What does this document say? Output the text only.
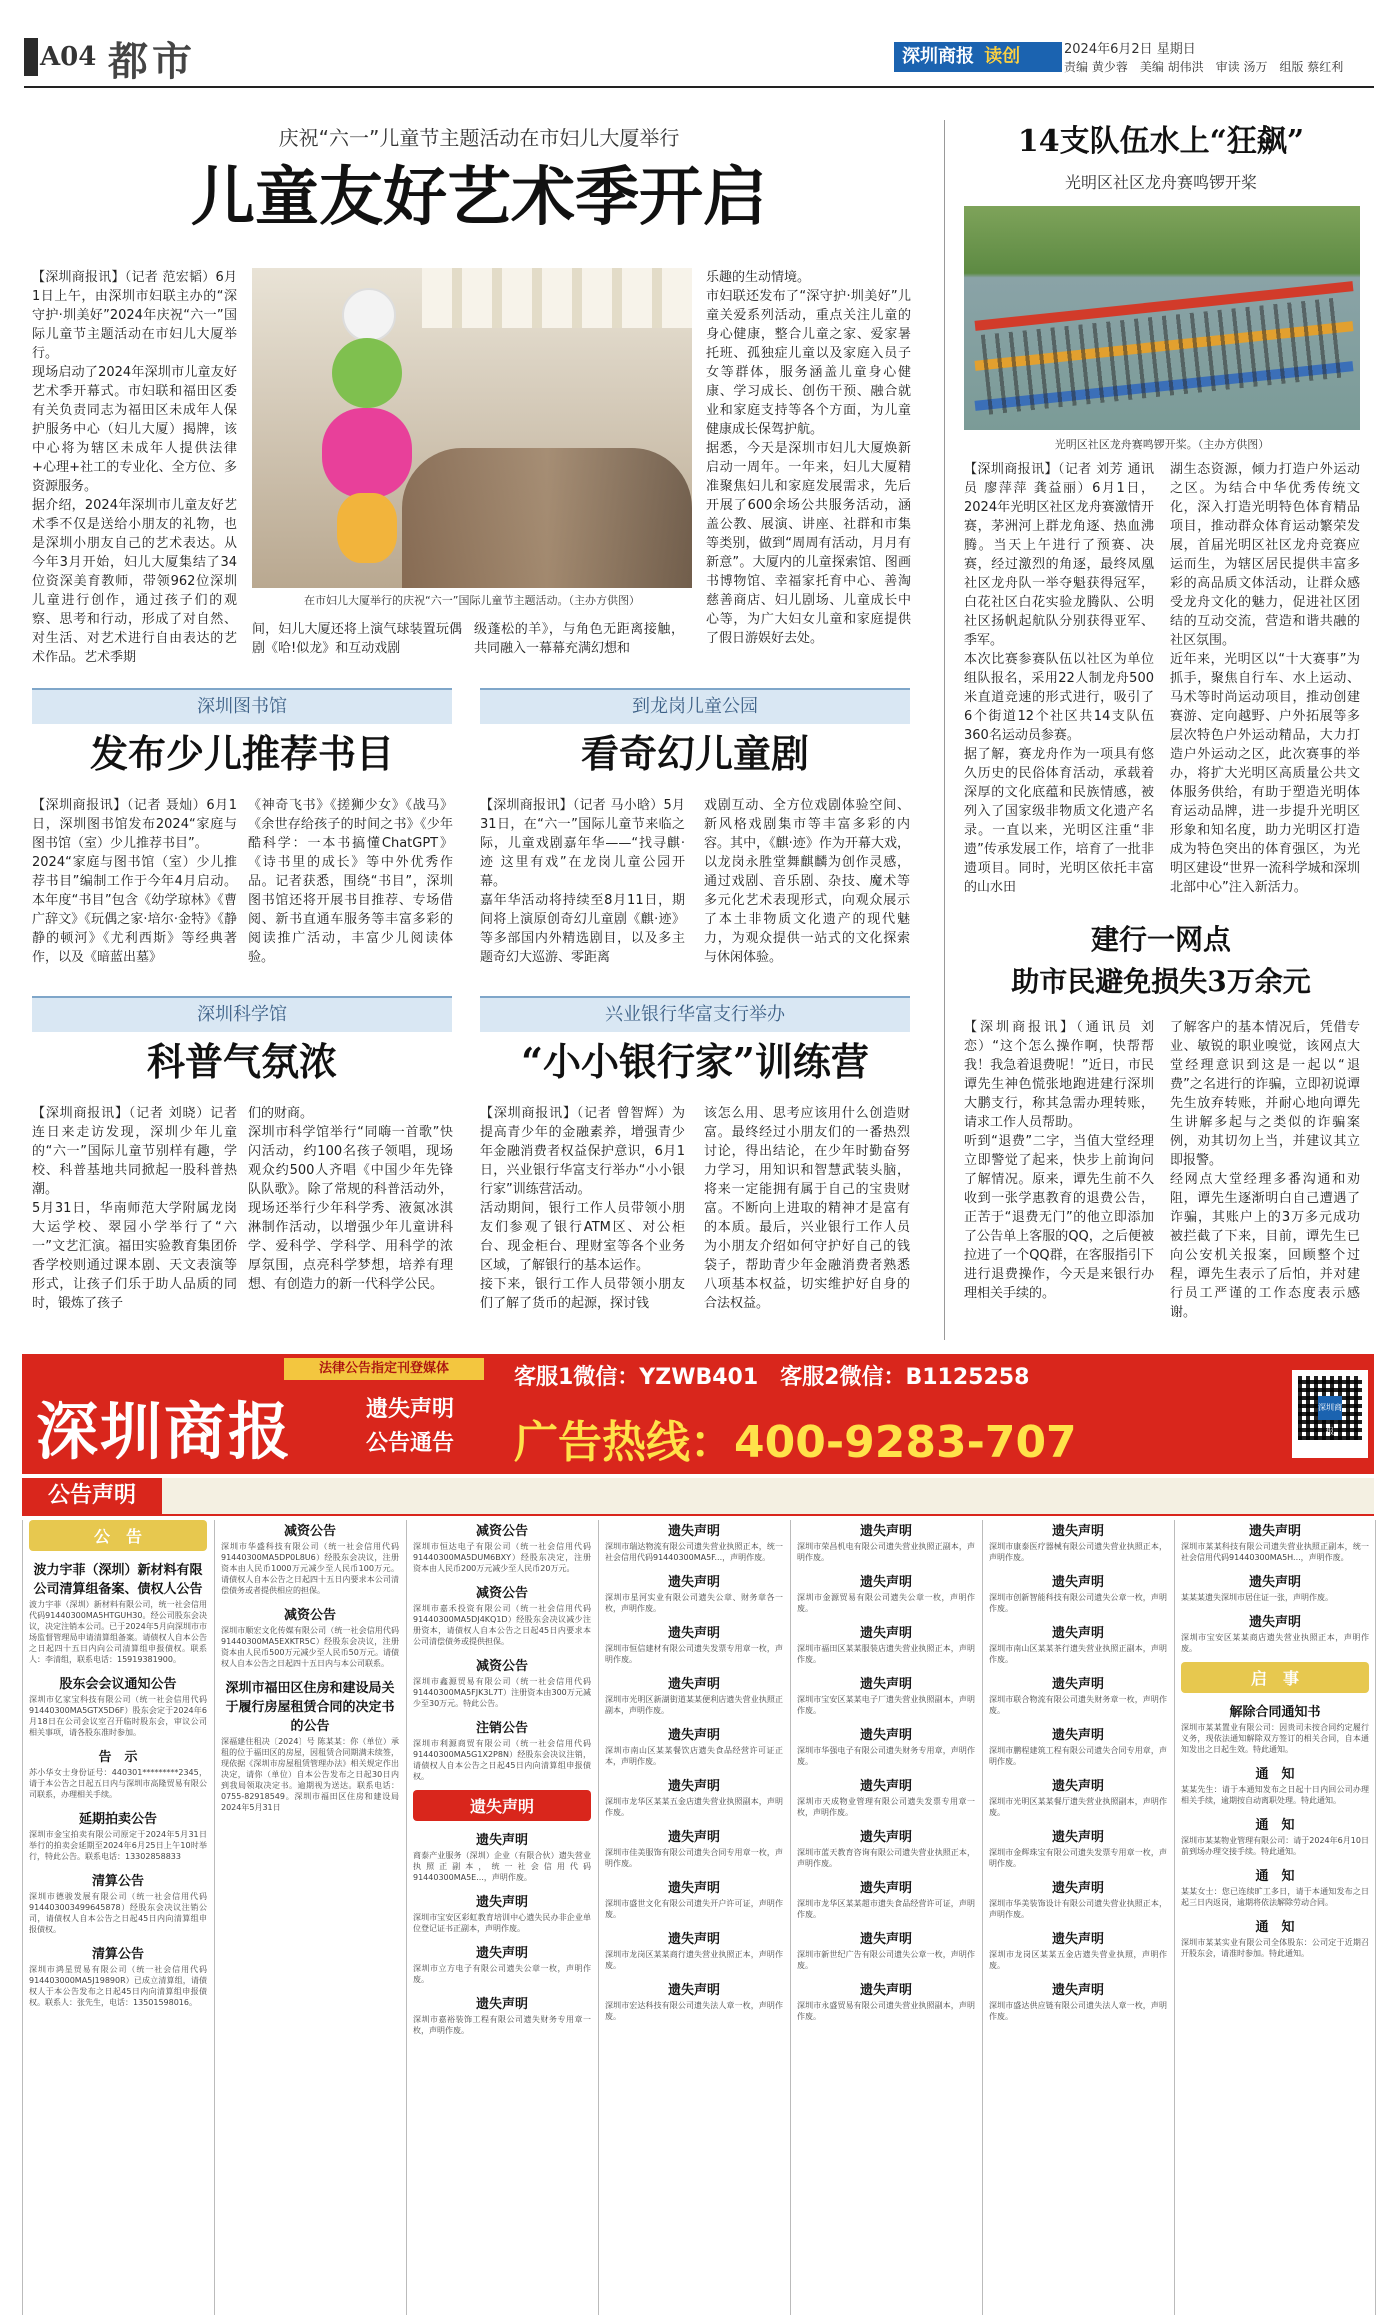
A04 都市	深圳商报 读创	2024年6月2日 星期日
责编 黄少蓉　美编 胡伟洪　审读 汤万　组版 蔡红利
庆祝“六一”儿童节主题活动在市妇儿大厦举行
儿童友好艺术季开启

【深圳商报讯】（记者 范宏韬）6月1日上午，由深圳市妇联主办的“深守护·圳美好”2024年庆祝“六一”国际儿童节主题活动在市妇儿大厦举行。
现场启动了2024年深圳市儿童友好艺术季开幕式。市妇联和福田区委有关负责同志为福田区未成年人保护服务中心（妇儿大厦）揭牌，该中心将为辖区未成年人提供法律+心理+社工的专业化、全方位、多资源服务。
据介绍，2024年深圳市儿童友好艺术季不仅是送给小朋友的礼物，也是深圳小朋友自己的艺术表达。从今年3月开始，妇儿大厦集结了34位资深美育教师，带领962位深圳儿童进行创作，通过孩子们的观察、思考和行动，形成了对自然、对生活、对艺术进行自由表达的艺术作品。艺术季期

在市妇儿大厦举行的庆祝“六一”国际儿童节主题活动。（主办方供图）

间，妇儿大厦还将上演气球装置玩偶剧《哈!似龙》和互动戏剧

级蓬松的羊》，与角色无距离接触，共同融入一幕幕充满幻想和

乐趣的生动情境。
市妇联还发布了“深守护·圳美好”儿童关爱系列活动，重点关注儿童的身心健康，整合儿童之家、爱家暑托班、孤独症儿童以及家庭入员子女等群体，服务涵盖儿童身心健康、学习成长、创伤干预、融合就业和家庭支持等各个方面，为儿童健康成长保驾护航。
据悉，今天是深圳市妇儿大厦焕新启动一周年。一年来，妇儿大厦精准聚焦妇儿和家庭发展需求，先后开展了600余场公共服务活动，涵盖公教、展演、讲座、社群和市集等类别，做到“周周有活动，月月有新意”。大厦内的儿童探索馆、图画书博物馆、幸福家托育中心、善淘慈善商店、妇儿剧场、儿童成长中心等，为广大妇女儿童和家庭提供了假日游娱好去处。

深圳图书馆
发布少儿推荐书目

【深圳商报讯】（记者 聂灿）6月1日，深圳图书馆发布2024“家庭与图书馆（室）少儿推荐书目”。
2024“家庭与图书馆（室）少儿推荐书目”编制工作于今年4月启动。本年度“书目”包含《幼学琼林》《曹广辞文》《玩偶之家·培尔·金特》《静静的顿河》《尤利西斯》等经典著作，以及《暗蓝出墓》

《神奇飞书》《搓狮少女》《战马》《余世存给孩子的时间之书》《少年酷科学：一本书搞懂ChatGPT》《诗书里的成长》等中外优秀作品。记者获悉，围绕“书目”，深圳图书馆还将开展书目推荐、专场借阅、新书直通车服务等丰富多彩的阅读推广活动，丰富少儿阅读体验。

到龙岗儿童公园
看奇幻儿童剧

【深圳商报讯】（记者 马小晗）5月31日，在“六一”国际儿童节来临之际，儿童戏剧嘉年华——“找寻麒·迹 这里有戏”在龙岗儿童公园开幕。
嘉年华活动将持续至8月11日，期间将上演原创奇幻儿童剧《麒·迹》等多部国内外精选剧目，以及多主题奇幻大巡游、零距离

戏剧互动、全方位戏剧体验空间、新风格戏剧集市等丰富多彩的内容。其中，《麒·迹》作为开幕大戏，以龙岗永胜堂舞麒麟为创作灵感，通过戏剧、音乐剧、杂技、魔术等多元化艺术表现形式，向观众展示了本土非物质文化遗产的现代魅力，为观众提供一站式的文化探索与休闲体验。

深圳科学馆
科普气氛浓

【深圳商报讯】（记者 刘晓）记者连日来走访发现，深圳少年儿童的“六一”国际儿童节别样有趣，学校、科普基地共同掀起一股科普热潮。
5月31日，华南师范大学附属龙岗大运学校、翠园小学举行了“六一”文艺汇演。福田实验教育集团侨香学校则通过课本剧、天文表演等形式，让孩子们乐于助人品质的同时，锻炼了孩子

们的财商。
深圳市科学馆举行“同嗨一首歌”快闪活动，约100名孩子领唱，现场观众约500人齐唱《中国少年先锋队队歌》。除了常规的科普活动外，现场还举行少年科学秀、液氮冰淇淋制作活动，以增强少年儿童讲科学、爱科学、学科学、用科学的浓厚氛围，点亮科学梦想，培养有理想、有创造力的新一代科学公民。

兴业银行华富支行举办
“小小银行家”训练营

【深圳商报讯】（记者 曾智辉）为提高青少年的金融素养，增强青少年金融消费者权益保护意识，6月1日，兴业银行华富支行举办“小小银行家”训练营活动。
活动期间，银行工作人员带领小朋友们参观了银行ATM区、对公柜台、现金柜台、理财室等各个业务区域，了解银行的基本运作。
接下来，银行工作人员带领小朋友们了解了货币的起源，探讨钱

该怎么用、思考应该用什么创造财富。最终经过小朋友们的一番热烈讨论，得出结论，在少年时勤奋努力学习，用知识和智慧武装头脑，将来一定能拥有属于自己的宝贵财富。不断向上进取的精神才是富有的本质。最后，兴业银行工作人员为小朋友介绍如何守护好自己的钱袋子，帮助青少年金融消费者熟悉八项基本权益，切实维护好自身的合法权益。

14支队伍水上“狂飙”
光明区社区龙舟赛鸣锣开桨
光明区社区龙舟赛鸣锣开桨。（主办方供图）

【深圳商报讯】（记者 刘芳 通讯员 廖萍萍 龚益丽）6月1日，2024年光明区社区龙舟赛激情开赛，茅洲河上群龙角逐、热血沸腾。当天上午进行了预赛、决赛，经过激烈的角逐，最终凤凰社区龙舟队一举夺魁获得冠军，白花社区白花实验龙腾队、公明社区扬帆起航队分别获得亚军、季军。
本次比赛参赛队伍以社区为单位组队报名，采用22人制龙舟500米直道竞速的形式进行，吸引了6个街道12个社区共14支队伍360名运动员参赛。
据了解，赛龙舟作为一项具有悠久历史的民俗体育活动，承载着深厚的文化底蕴和民族情感，被列入了国家级非物质文化遗产名录。一直以来，光明区注重“非遗”传承发展工作，培育了一批非遗项目。同时，光明区依托丰富的山水田

湖生态资源，倾力打造户外运动之区。为结合中华优秀传统文化，深入打造光明特色体育精品项目，推动群众体育运动繁荣发展，首届光明区社区龙舟竞赛应运而生，为辖区居民提供丰富多彩的高品质文体活动，让群众感受龙舟文化的魅力，促进社区团结的互动交流，营造和谐共融的社区氛围。
近年来，光明区以“十大赛事”为抓手，聚焦自行车、水上运动、马术等时尚运动项目，推动创建赛游、定向越野、户外拓展等多层次特色户外运动精品，大力打造户外运动之区，此次赛事的举办，将扩大光明区高质量公共文体服务供给，有助于塑造光明体育运动品牌，进一步提升光明区形象和知名度，助力光明区打造成为特色突出的体育强区，为光明区建设“世界一流科学城和深圳北部中心”注入新活力。

建行一网点
助市民避免损失3万余元

【深圳商报讯】（通讯员 刘恋）“这个怎么操作啊，快帮帮我！我急着退费呢！”近日，市民谭先生神色慌张地跑进建行深圳大鹏支行，称其急需办理转账，请求工作人员帮助。
听到“退费”二字，当值大堂经理立即警觉了起来，快步上前询问了解情况。原来，谭先生前不久收到一张学惠教育的退费公告，正苦于“退费无门”的他立即添加了公告单上客服的QQ，之后便被拉进了一个QQ群，在客服指引下进行退费操作，今天是来银行办理相关手续的。

了解客户的基本情况后，凭借专业、敏锐的职业嗅觉，该网点大堂经理意识到这是一起以“退费”之名进行的诈骗，立即初说谭先生放弃转账，并耐心地向谭先生讲解多起与之类似的诈骗案例，劝其切勿上当，并建议其立即报警。
经网点大堂经理多番沟通和劝阻，谭先生逐渐明白自己遭遇了诈骗，其账户上的3万多元成功被拦截了下来，目前，谭先生已向公安机关报案，回顾整个过程，谭先生表示了后怕，并对建行员工严谨的工作态度表示感谢。

法律公告指定刊登媒体
深圳商报	遗失声明
公告通告
客服1微信：YZWB401　客服2微信：B1125258
广告热线：400-9283-707
深圳商报
公告声明
公　告
波力宇菲（深圳）新材料有限公司清算组备案、债权人公告
波力宇菲（深圳）新材料有限公司，统一社会信用代码91440300MA5HTGUH30。经公司股东会决议，决定注销本公司。已于2024年5月向深圳市市场监督管理局申请清算组备案。请债权人自本公告之日起四十五日内向公司清算组申报债权。联系人：李清组，联系电话：15919381900。
股东会会议通知公告
深圳市亿家宝科技有限公司（统一社会信用代码91440300MA5GTX5D6F）股东会定于2024年6月18日在公司会议室召开临时股东会，审议公司相关事项，请各股东准时参加。
告　示
苏小华女士身份证号：440301*********2345，请于本公告之日起五日内与深圳市高隆贸易有限公司联系，办理相关手续。
延期拍卖公告
深圳市金宝拍卖有限公司原定于2024年5月31日举行的拍卖会延期至2024年6月25日上午10时举行，特此公告。联系电话：13302858833
清算公告
深圳市德骏发展有限公司（统一社会信用代码914403003499645878）经股东会决议注销公司，请债权人自本公告之日起45日内向清算组申报债权。
清算公告
深圳市鸿星贸易有限公司（统一社会信用代码914403000MA5J19890R）已成立清算组，请债权人于本公告发布之日起45日内向清算组申报债权。联系人：张先生，电话：13501598016。
减资公告
深圳市华盛科技有限公司（统一社会信用代码91440300MA5DP0L8U6）经股东会决议，注册资本由人民币1000万元减少至人民币100万元。请债权人自本公告之日起四十五日内要求本公司清偿债务或者提供相应的担保。
减资公告
深圳市顺宏文化传媒有限公司（统一社会信用代码91440300MA5EXKTR5C）经股东会决议，注册资本由人民币500万元减少至人民币50万元。请债权人自本公告之日起四十五日内与本公司联系。
深圳市福田区住房和建设局关于履行房屋租赁合同的决定书的公告
深福建住租决〔2024〕号 陈某某：你（单位）承租的位于福田区的房屋，因租赁合同期满未续签，现依据《深圳市房屋租赁管理办法》相关规定作出决定，请你（单位）自本公告发布之日起30日内到我局领取决定书。逾期视为送达。联系电话：0755-82918549。深圳市福田区住房和建设局 2024年5月31日
减资公告
深圳市恒达电子有限公司（统一社会信用代码91440300MA5DUM6BXY）经股东决定，注册资本由人民币200万元减少至人民币20万元。
减资公告
深圳市嘉禾投资有限公司（统一社会信用代码91440300MA5DJ4KQ1D）经股东会决议减少注册资本，请债权人自本公告之日起45日内要求本公司清偿债务或提供担保。
减资公告
深圳市鑫源贸易有限公司（统一社会信用代码91440300MA5FJK3L7T）注册资本由300万元减少至30万元。特此公告。
注销公告
深圳市利源商贸有限公司（统一社会信用代码91440300MA5G1X2P8N）经股东会决议注销，请债权人自本公告之日起45日内向清算组申报债权。
遗失声明
遗失声明
商泰产业服务（深圳）企业（有限合伙）遗失营业执照正副本，统一社会信用代码91440300MA5E...，声明作废。
遗失声明
深圳市宝安区彩虹教育培训中心遗失民办非企业单位登记证书正副本，声明作废。
遗失声明
深圳市立方电子有限公司遗失公章一枚，声明作废。
遗失声明
深圳市嘉裕装饰工程有限公司遗失财务专用章一枚，声明作废。
遗失声明
深圳市瑞达物流有限公司遗失营业执照正本，统一社会信用代码91440300MA5F...，声明作废。
遗失声明
深圳市星河实业有限公司遗失公章、财务章各一枚，声明作废。
遗失声明
深圳市恒信建材有限公司遗失发票专用章一枚，声明作废。
遗失声明
深圳市光明区新湖街道某某便利店遗失营业执照正副本，声明作废。
遗失声明
深圳市南山区某某餐饮店遗失食品经营许可证正本，声明作废。
遗失声明
深圳市龙华区某某五金店遗失营业执照副本，声明作废。
遗失声明
深圳市佳美服饰有限公司遗失合同专用章一枚，声明作废。
遗失声明
深圳市盛世文化有限公司遗失开户许可证，声明作废。
遗失声明
深圳市龙岗区某某商行遗失营业执照正本，声明作废。
遗失声明
深圳市宏达科技有限公司遗失法人章一枚，声明作废。
遗失声明
深圳市荣昌机电有限公司遗失营业执照正副本，声明作废。
遗失声明
深圳市金源贸易有限公司遗失公章一枚，声明作废。
遗失声明
深圳市福田区某某服装店遗失营业执照正本，声明作废。
遗失声明
深圳市宝安区某某电子厂遗失营业执照副本，声明作废。
遗失声明
深圳市华强电子有限公司遗失财务专用章，声明作废。
遗失声明
深圳市天成物业管理有限公司遗失发票专用章一枚，声明作废。
遗失声明
深圳市蓝天教育咨询有限公司遗失营业执照正本，声明作废。
遗失声明
深圳市龙华区某某超市遗失食品经营许可证，声明作废。
遗失声明
深圳市新世纪广告有限公司遗失公章一枚，声明作废。
遗失声明
深圳市永盛贸易有限公司遗失营业执照副本，声明作废。
遗失声明
深圳市康泰医疗器械有限公司遗失营业执照正本，声明作废。
遗失声明
深圳市创新智能科技有限公司遗失公章一枚，声明作废。
遗失声明
深圳市南山区某某茶行遗失营业执照正副本，声明作废。
遗失声明
深圳市联合物流有限公司遗失财务章一枚，声明作废。
遗失声明
深圳市鹏程建筑工程有限公司遗失合同专用章，声明作废。
遗失声明
深圳市光明区某某餐厅遗失营业执照副本，声明作废。
遗失声明
深圳市金辉珠宝有限公司遗失发票专用章一枚，声明作废。
遗失声明
深圳市华美装饰设计有限公司遗失营业执照正本，声明作废。
遗失声明
深圳市龙岗区某某五金店遗失营业执照，声明作废。
遗失声明
深圳市盛达供应链有限公司遗失法人章一枚，声明作废。
遗失声明
深圳市某某科技有限公司遗失营业执照正副本，统一社会信用代码91440300MA5H...，声明作废。
遗失声明
某某某遗失深圳市居住证一张，声明作废。
遗失声明
深圳市宝安区某某商店遗失营业执照正本，声明作废。
启　事
解除合同通知书
深圳市某某置业有限公司：因贵司未按合同约定履行义务，现依法通知解除双方签订的相关合同，自本通知发出之日起生效。特此通知。
通　知
某某先生：请于本通知发布之日起十日内回公司办理相关手续，逾期按自动离职处理。特此通知。
通　知
深圳市某某物业管理有限公司：请于2024年6月10日前到场办理交接手续。特此通知。
通　知
某某女士：您已连续旷工多日，请于本通知发布之日起三日内返岗，逾期将依法解除劳动合同。
通　知
深圳市某某实业有限公司全体股东：公司定于近期召开股东会，请准时参加。特此通知。
